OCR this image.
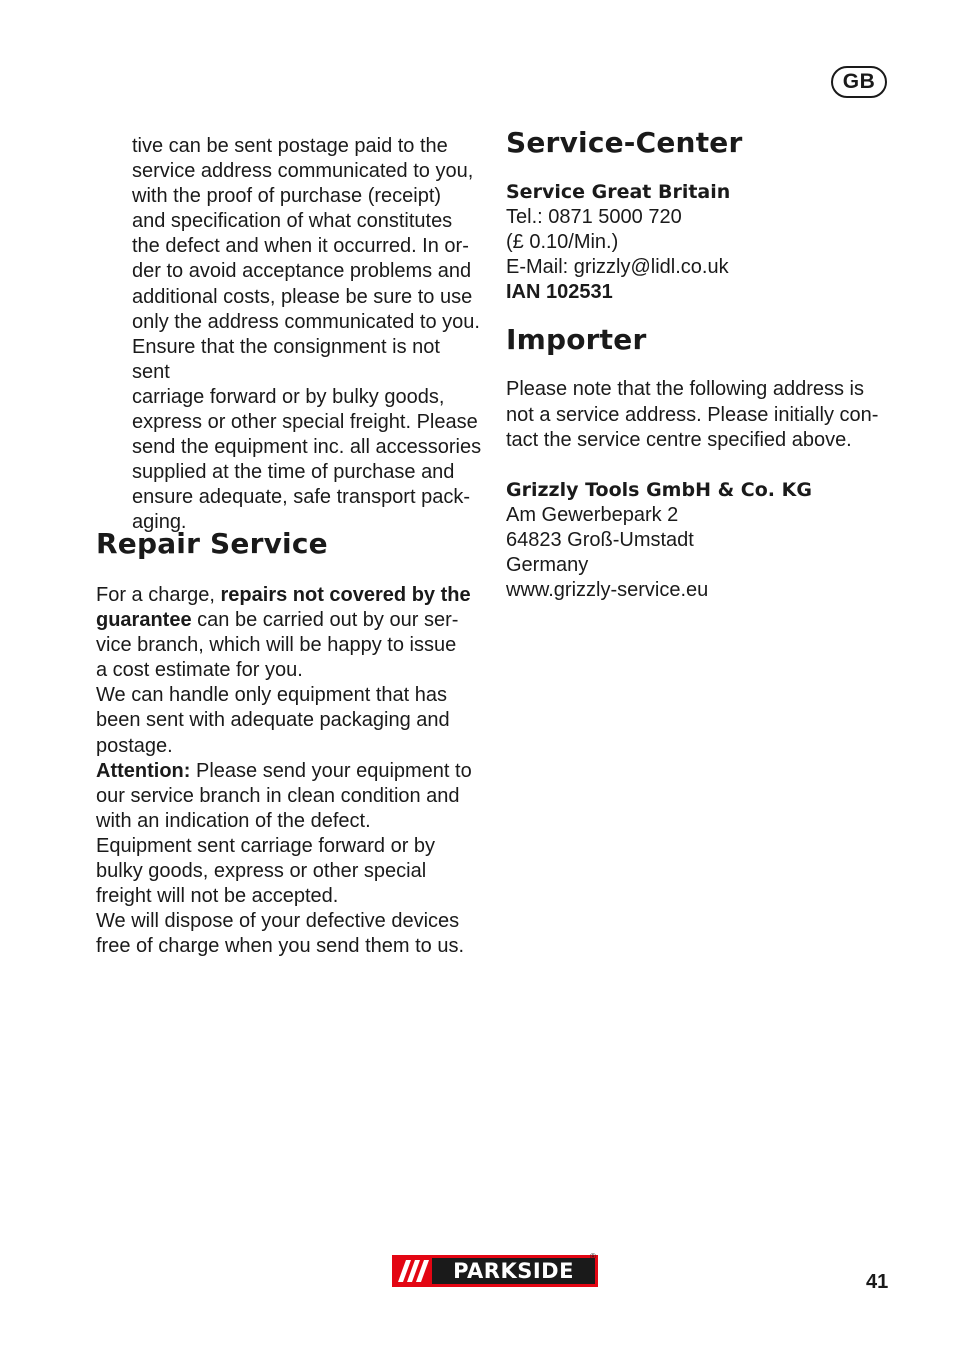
GB

tive can be sent postage paid to the

service address communicated to you,

with the proof of purchase (receipt)

and specification of what constitutes

the defect and when it occurred. In or-

der to avoid acceptance problems and

additional costs, please be sure to use

only the address communicated to you.

Ensure that the consignment is not sent

carriage forward or by bulky goods,

express or other special freight. Please

send the equipment inc. all accessories

supplied at the time of purchase and

ensure adequate, safe transport pack-

aging.

Repair Service

For a charge, repairs not covered by the

guarantee can be carried out by our ser-

vice branch, which will be happy to issue

a cost estimate for you.

We can handle only equipment that has

been sent with adequate packaging and

postage.

Attention: Please send your equipment to

our service branch in clean condition and

with an indication of the defect.

Equipment sent carriage forward or by

bulky goods, express or other special

freight will not be accepted.

We will dispose of your defective devices

free of charge when you send them to us.

Service-Center

Service Great Britain

Tel.: 0871 5000 720

(£ 0.10/Min.)

E-Mail: grizzly@lidl.co.uk

IAN 102531

Importer

Please note that the following address is

not a service address. Please initially con-

tact the service centre specified above.

Grizzly Tools GmbH & Co. KG

Am Gewerbepark 2

64823 Groß-Umstadt

Germany

www.grizzly-service.eu

PARKSIDE
®
41
